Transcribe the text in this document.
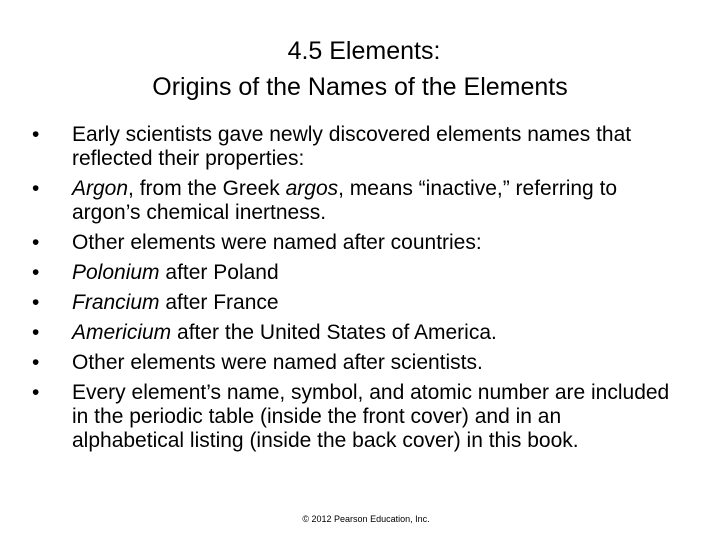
4.5 Elements:
Origins of the Names of the Elements
• Early scientists gave newly discovered elements names that reflected their properties:
• Argon, from the Greek argos, means “inactive,” referring to argon’s chemical inertness.
• Other elements were named after countries:
• Polonium after Poland
• Francium after France
• Americium after the United States of America.
• Other elements were named after scientists.
• Every element’s name, symbol, and atomic number are included in the periodic table (inside the front cover) and in an alphabetical listing (inside the back cover) in this book.
© 2012 Pearson Education, Inc.
